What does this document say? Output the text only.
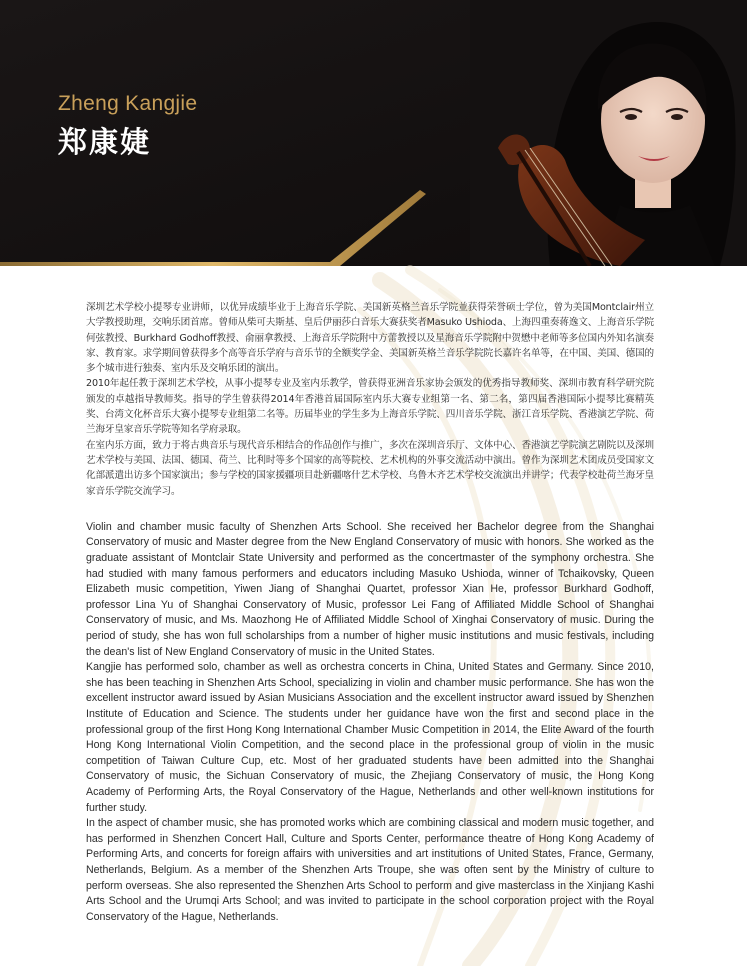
Zheng Kangjie
郑康婕

深圳艺术学校小提琴专业讲师，以优异成绩毕业于上海音乐学院、美国新英格兰音乐学院並获得荣誉硕士学位，曾为美国Montclair州立大学教授助理，交响乐团首席。曾师从柴可夫斯基、皇后伊丽莎白音乐大赛获奖者Masuko Ushioda、上海四重奏蒋逸文、上海音乐学院何弦教授、Burkhard Godhoff教授、俞丽拿教授、上海音乐学院附中方蕾教授以及星海音乐学院附中贺懋中老师等多位国内外知名演奏家、教育家。求学期间曾获得多个高等音乐学府与音乐节的全额奖学金、美国新英格兰音乐学院院长嘉许名单等，在中国、美国、德国的多个城市进行独奏、室内乐及交响乐团的演出。

2010年起任教于深圳艺术学校，从事小提琴专业及室内乐教学，曾获得亚洲音乐家协会颁发的优秀指导教师奖、深圳市教育科学研究院颁发的卓越指导教师奖。指导的学生曾获得2014年香港首届国际室内乐大赛专业组第一名、第二名，第四届香港国际小提琴比赛精英奖、台湾文化杯音乐大赛小提琴专业组第二名等。历届毕业的学生多为上海音乐学院、四川音乐学院、浙江音乐学院、香港演艺学院、荷兰海牙皇家音乐学院等知名学府录取。

在室内乐方面，致力于将古典音乐与现代音乐相结合的作品创作与推广，多次在深圳音乐厅、文体中心、香港演艺学院演艺剧院以及深圳艺术学校与美国、法国、德国、荷兰、比利时等多个国家的高等院校、艺术机构的外事交流活动中演出。曾作为深圳艺术团成员受国家文化部派遣出访多个国家演出；参与学校的国家援疆项目赴新疆喀什艺术学校、乌鲁木齐艺术学校交流演出并讲学；代表学校赴荷兰海牙皇家音乐学院交流学习。

Violin and chamber music faculty of Shenzhen Arts School. She received her Bachelor degree from the Shanghai Conservatory of music and Master degree from the New England Conservatory of music with honors. She worked as the graduate assistant of Montclair State University and performed as the concertmaster of the symphony orchestra. She had studied with many famous performers and educators including Masuko Ushioda, winner of Tchaikovsky, Queen Elizabeth music competition, Yiwen Jiang of Shanghai Quartet, professor Xian He, professor Burkhard Godhoff, professor Lina Yu of Shanghai Conservatory of Music, professor Lei Fang of Affiliated Middle School of Shanghai Conservatory of music, and Ms. Maozhong He of Affiliated Middle School of Xinghai Conservatory of music. During the period of study, she has won full scholarships from a number of higher music institutions and music festivals, including the dean's list of New England Conservatory of music in the United States.

Kangjie has performed solo, chamber as well as orchestra concerts in China, United States and Germany. Since 2010, she has been teaching in Shenzhen Arts School, specializing in violin and chamber music performance. She has won the excellent instructor award issued by Asian Musicians Association and the excellent instructor award issued by Shenzhen Institute of Education and Science. The students under her guidance have won the first and second place in the professional group of the first Hong Kong International Chamber Music Competition in 2014, the Elite Award of the fourth Hong Kong International Violin Competition, and the second place in the professional group of violin in the music competition of Taiwan Culture Cup, etc. Most of her graduated students have been admitted into the Shanghai Conservatory of music, the Sichuan Conservatory of music, the Zhejiang Conservatory of music, the Hong Kong Academy of Performing Arts, the Royal Conservatory of the Hague, Netherlands and other well-known institutions for further study.

In the aspect of chamber music, she has promoted works which are combining classical and modern music together, and has performed in Shenzhen Concert Hall, Culture and Sports Center, performance theatre of Hong Kong Academy of Performing Arts, and concerts for foreign affairs with universities and art institutions of United States, France, Germany, Netherlands, Belgium. As a member of the Shenzhen Arts Troupe, she was often sent by the Ministry of culture to perform overseas. She also represented the Shenzhen Arts School to perform and give masterclass in the Xinjiang Kashi Arts School and the Urumqi Arts School; and was invited to participate in the school corporation project with the Royal Conservatory of the Hague, Netherlands.
